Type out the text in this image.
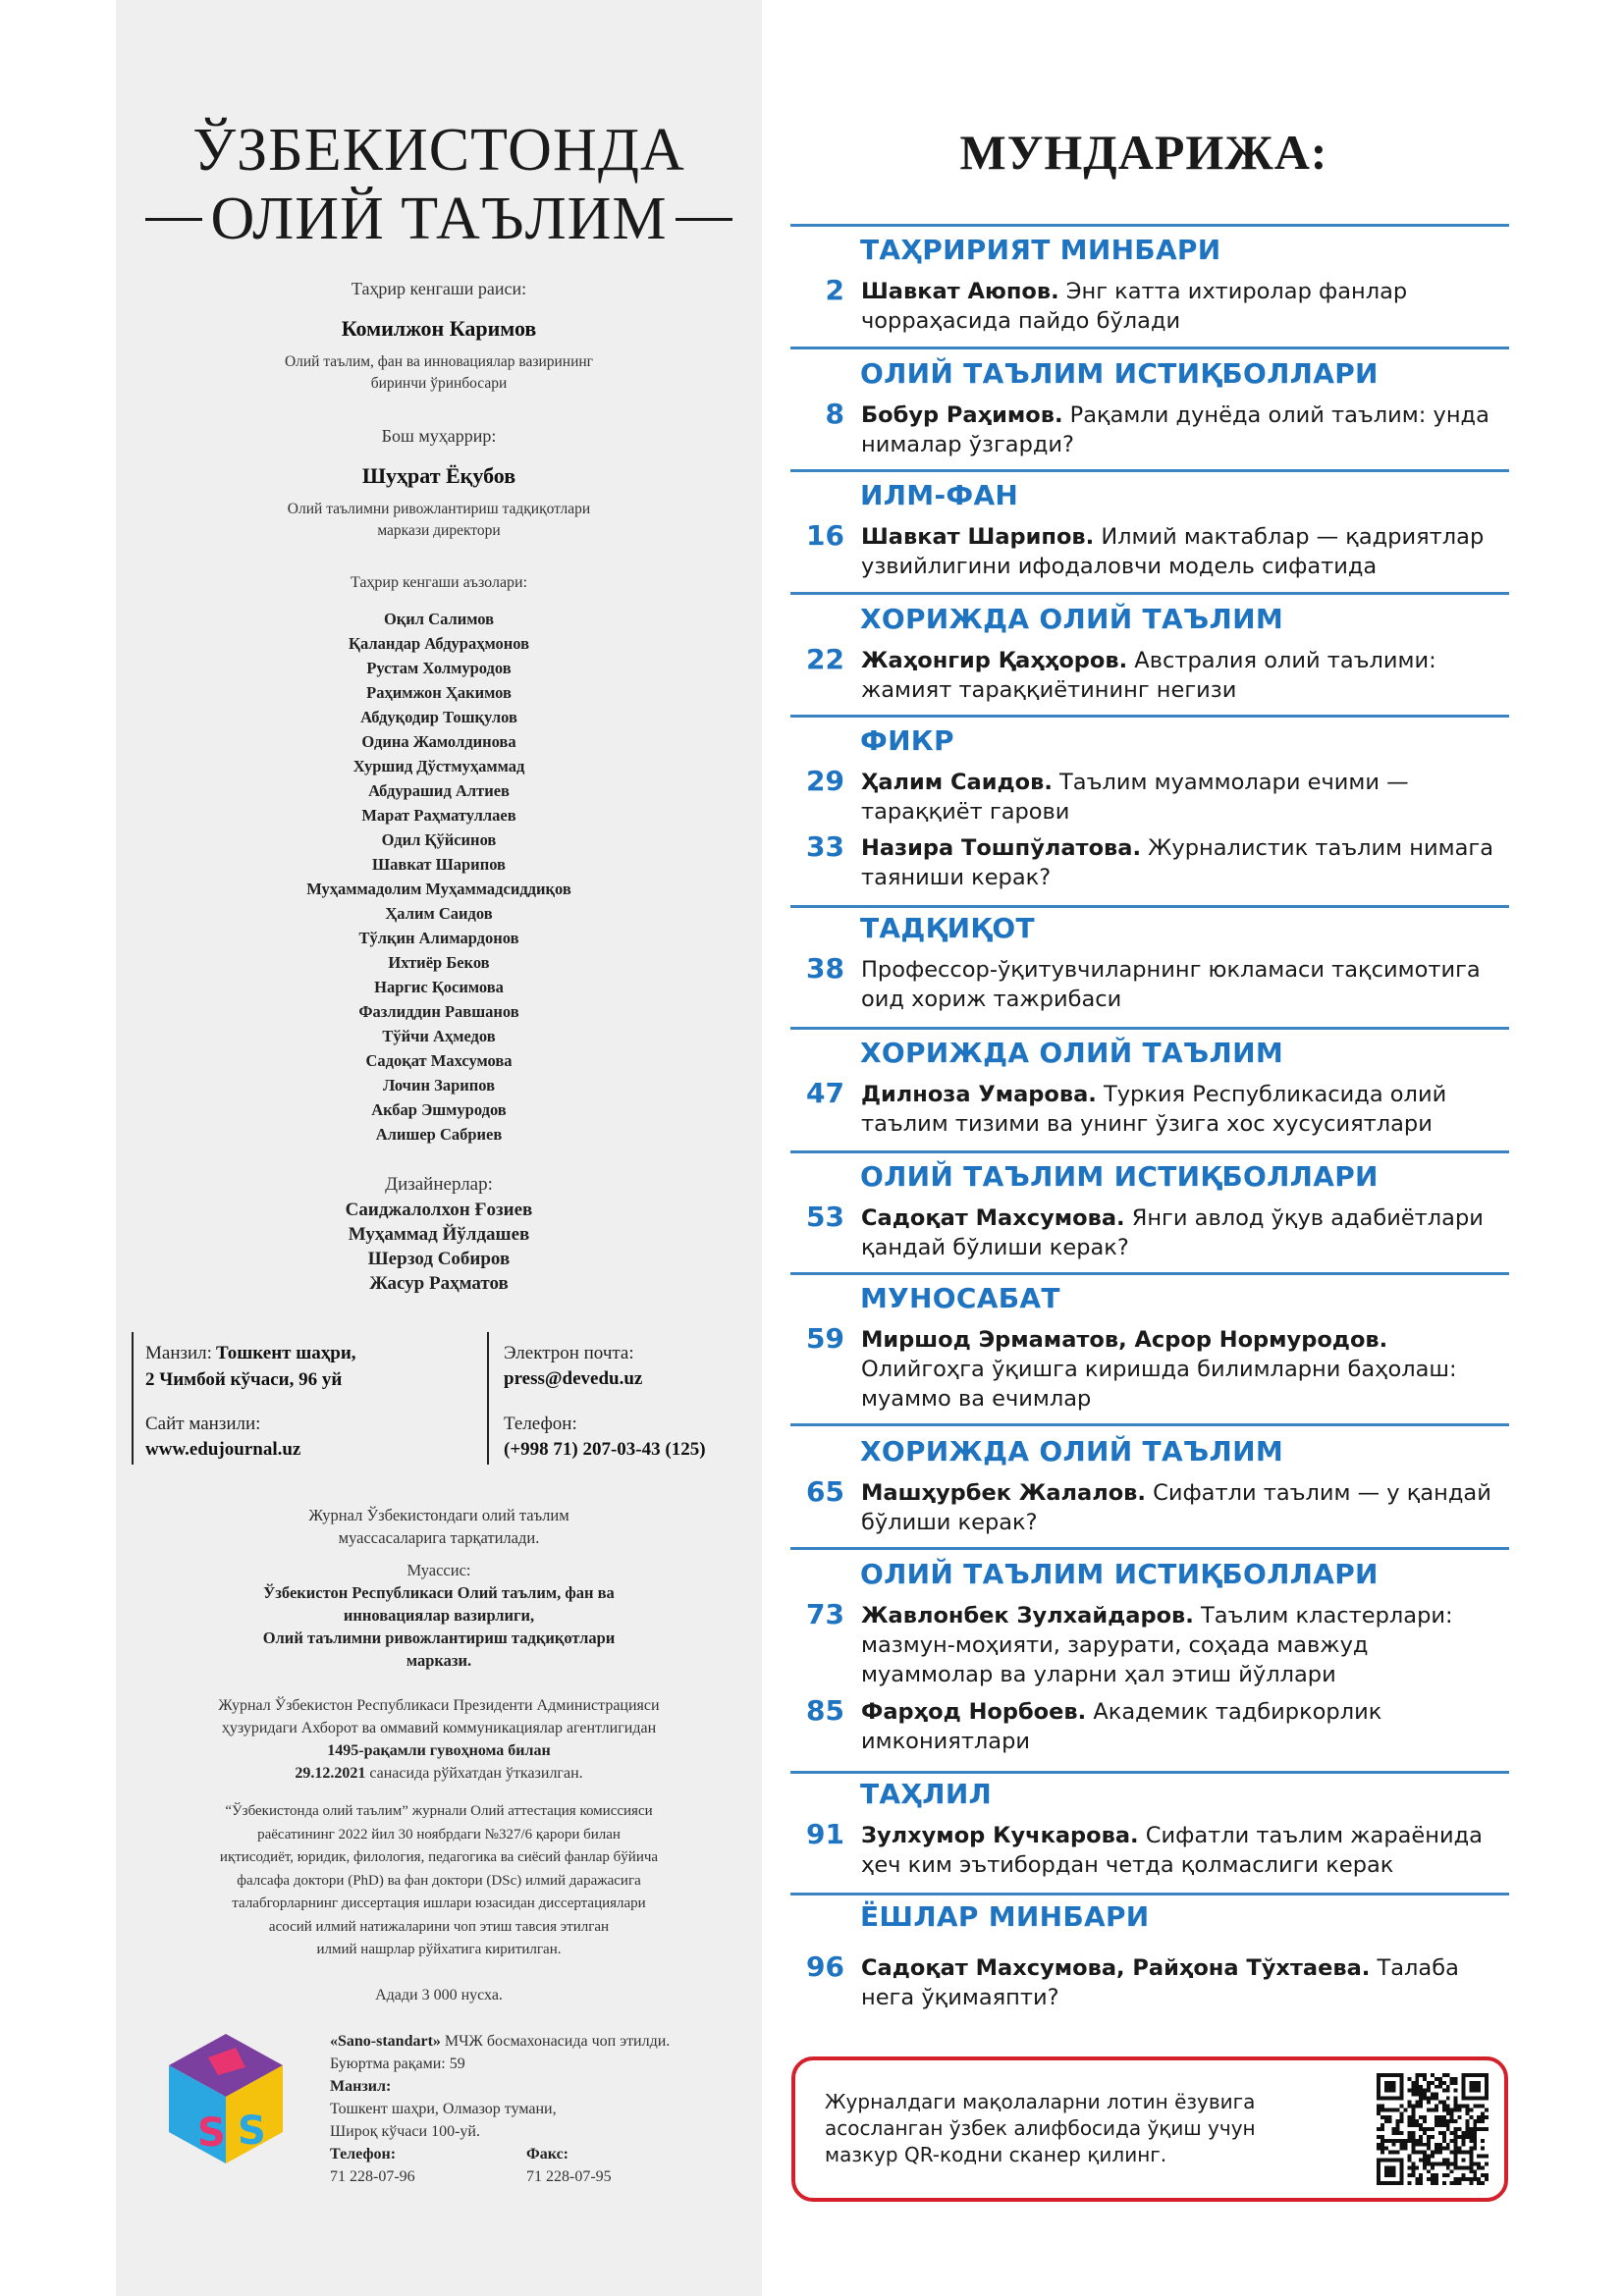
ЎЗБЕКИСТОНДА
ОЛИЙ ТАЪЛИМ
Таҳрир кенгаши раиси:
Комилжон Каримов
Олий таълим, фан ва инновациялар вазирининг
биринчи ўринбосари
Бош муҳаррир:
Шуҳрат Ёқубов
Олий таълимни ривожлантириш тадқиқотлари
маркази директори
Таҳрир кенгаши аъзолари:
Оқил Салимов
Қаландар Абдураҳмонов
Рустам Холмуродов
Раҳимжон Ҳакимов
Абдуқодир Тошқулов
Одина Жамолдинова
Хуршид Дўстмуҳаммад
Абдурашид Алтиев
Марат Раҳматуллаев
Одил Қўйсинов
Шавкат Шарипов
Муҳаммадолим Муҳаммадсиддиқов
Ҳалим Саидов
Тўлқин Алимардонов
Ихтиёр Беков
Наргис Қосимова
Фазлиддин Равшанов
Тўйчи Аҳмедов
Садоқат Махсумова
Лочин Зарипов
Акбар Эшмуродов
Алишер Сабриев
Дизайнерлар:
Саиджалолхон Ғозиев
Муҳаммад Йўлдашев
Шерзод Собиров
Жасур Раҳматов
Манзил: Тошкент шаҳри,
2 Чимбой кўчаси, 96 уй
Сайт манзили:
www.edujournal.uz
Электрон почта:
press@devedu.uz
Телефон:
(+998 71) 207-03-43 (125)
Журнал Ўзбекистондаги олий таълим
муассасаларига тарқатилади.
Муассис:
Ўзбекистон Республикаси Олий таълим, фан ва
инновациялар вазирлиги,
Олий таълимни ривожлантириш тадқиқотлари
маркази.
Журнал Ўзбекистон Республикаси Президенти Администрацияси
ҳузуридаги Ахборот ва оммавий коммуникациялар агентлигидан
1495-рақамли гувоҳнома билан
29.12.2021 санасида рўйхатдан ўтказилган.
“Ўзбекистонда олий таълим” журнали Олий аттестация комиссияси
раёсатининг 2022 йил 30 ноябрдаги №327/6 қарори билан
иқтисодиёт, юридик, филология, педагогика ва сиёсий фанлар бўйича
фалсафа доктори (PhD) ва фан доктори (DSc) илмий даражасига
талабгорларнинг диссертация ишлари юзасидан диссертациялари
асосий илмий натижаларини чоп этиш тавсия этилган
илмий нашрлар рўйхатига киритилган.
Адади 3 000 нусха.
S S
«Sano-standart» МЧЖ босмахонасида чоп этилди.
Буюртма рақами: 59
Манзил:
Тошкент шаҳри, Олмазор тумани,
Широқ кўчаси 100-уй.
Телефон:
71 228-07-96
Факс:
71 228-07-95
МУНДАРИЖА:
ТАҲРИРИЯТ МИНБАРИ
2 Шавкат Аюпов. Энг катта ихтиролар фанлар чорраҳасида пайдо бўлади
ОЛИЙ ТАЪЛИМ ИСТИҚБОЛЛАРИ
8 Бобур Раҳимов. Рақамли дунёда олий таълим: унда нималар ўзгарди?
ИЛМ-ФАН
16 Шавкат Шарипов. Илмий мактаблар — қадриятлар узвийлигини ифодаловчи модель сифатида
ХОРИЖДА ОЛИЙ ТАЪЛИМ
22 Жаҳонгир Қаҳҳоров. Австралия олий таълими: жамият тараққиётининг негизи
ФИКР
29 Ҳалим Саидов. Таълим муаммолари ечими — тараққиёт гарови
33 Назира Тошпўлатова. Журналистик таълим нимага таяниши керак?
ТАДҚИҚОТ
38 Профессор-ўқитувчиларнинг юкламаси тақсимотига оид хориж тажрибаси
ХОРИЖДА ОЛИЙ ТАЪЛИМ
47 Дилноза Умарова. Туркия Республикасида олий таълим тизими ва унинг ўзига хос хусусиятлари
ОЛИЙ ТАЪЛИМ ИСТИҚБОЛЛАРИ
53 Садоқат Махсумова. Янги авлод ўқув адабиётлари қандай бўлиши керак?
МУНОСАБАТ
59 Миршод Эрмаматов, Асрор Нормуродов. Олийгоҳга ўқишга киришда билимларни баҳолаш: муаммо ва ечимлар
ХОРИЖДА ОЛИЙ ТАЪЛИМ
65 Машҳурбек Жалалов. Сифатли таълим — у қандай бўлиши керак?
ОЛИЙ ТАЪЛИМ ИСТИҚБОЛЛАРИ
73 Жавлонбек Зулхайдаров. Таълим кластерлари: мазмун-моҳияти, зарурати, соҳада мавжуд муаммолар ва уларни ҳал этиш йўллари
85 Фарҳод Норбоев. Академик тадбиркорлик имкониятлари
ТАҲЛИЛ
91 Зулхумор Кучкарова. Сифатли таълим жараёнида ҳеч ким эътибордан четда қолмаслиги керак
ЁШЛАР МИНБАРИ
96 Садоқат Махсумова, Райҳона Тўхтаева. Талаба нега ўқимаяпти?
Журналдаги мақолаларни лотин ёзувига
асосланган ўзбек алифбосида ўқиш учун
мазкур QR-кодни сканер қилинг.
